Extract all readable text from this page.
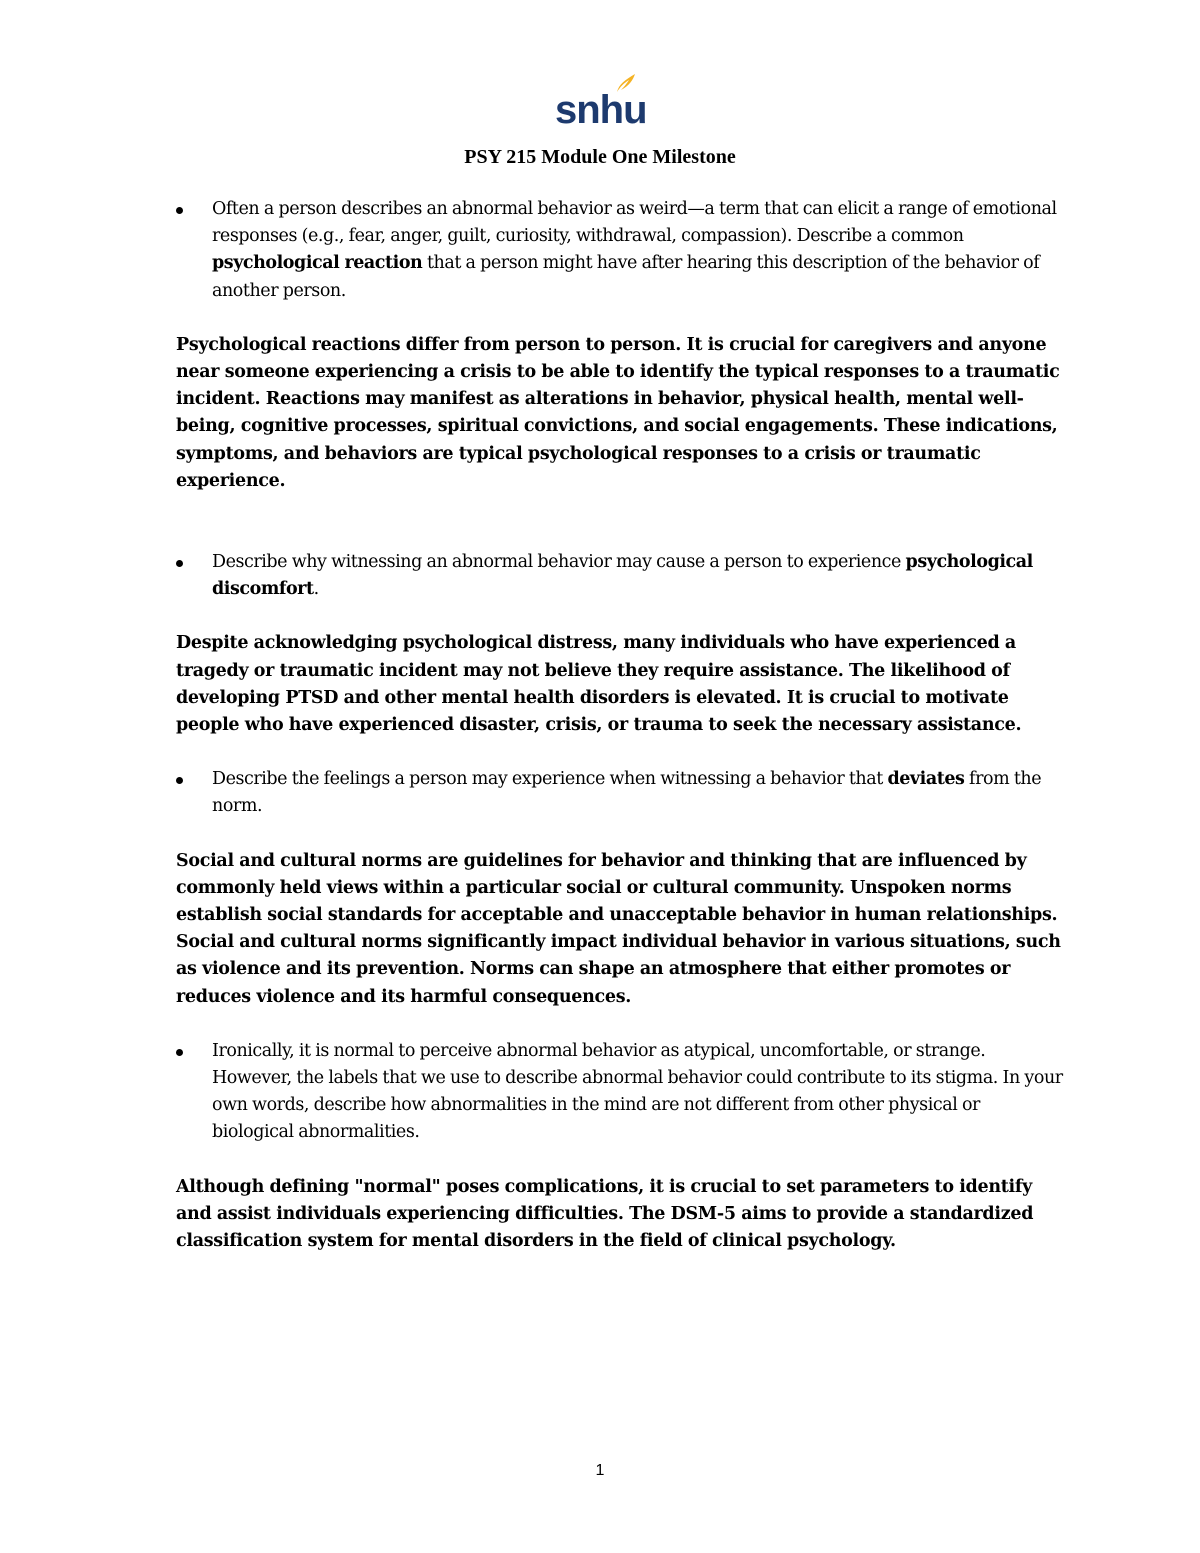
snhu
PSY 215 Module One Milestone
Often a person describes an abnormal behavior as weird—a term that can elicit a range of emotional responses (e.g., fear, anger, guilt, curiosity, withdrawal, compassion). Describe a common psychological reaction that a person might have after hearing this description of the behavior of another person.
Psychological reactions differ from person to person. It is crucial for caregivers and anyone near someone experiencing a crisis to be able to identify the typical responses to a traumatic incident. Reactions may manifest as alterations in behavior, physical health, mental well-being, cognitive processes, spiritual convictions, and social engagements. These indications, symptoms, and behaviors are typical psychological responses to a crisis or traumatic experience.
Describe why witnessing an abnormal behavior may cause a person to experience psychological discomfort.
Despite acknowledging psychological distress, many individuals who have experienced a tragedy or traumatic incident may not believe they require assistance. The likelihood of developing PTSD and other mental health disorders is elevated. It is crucial to motivate people who have experienced disaster, crisis, or trauma to seek the necessary assistance.
Describe the feelings a person may experience when witnessing a behavior that deviates from the norm.
Social and cultural norms are guidelines for behavior and thinking that are influenced by commonly held views within a particular social or cultural community. Unspoken norms establish social standards for acceptable and unacceptable behavior in human relationships. Social and cultural norms significantly impact individual behavior in various situations, such as violence and its prevention. Norms can shape an atmosphere that either promotes or reduces violence and its harmful consequences.
Ironically, it is normal to perceive abnormal behavior as atypical, uncomfortable, or strange. However, the labels that we use to describe abnormal behavior could contribute to its stigma. In your own words, describe how abnormalities in the mind are not different from other physical or biological abnormalities.
Although defining "normal" poses complications, it is crucial to set parameters to identify and assist individuals experiencing difficulties. The DSM-5 aims to provide a standardized classification system for mental disorders in the field of clinical psychology.
1
